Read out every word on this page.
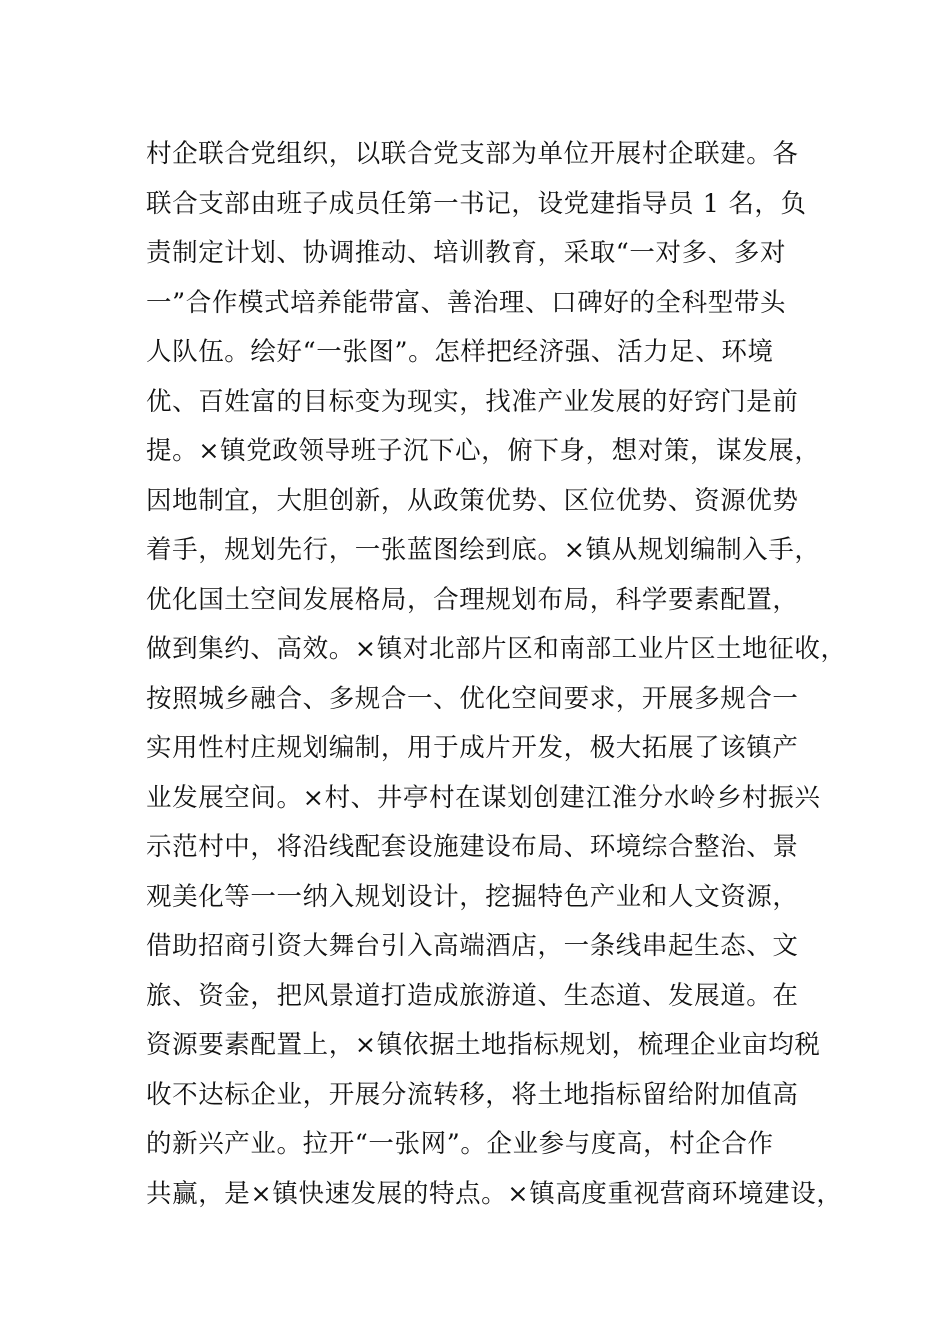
村企联合党组织，以联合党支部为单位开展村企联建。各
联合支部由班子成员任第一书记，设党建指导员 1 名，负
责制定计划、协调推动、培训教育，采取“一对多、多对
一”合作模式培养能带富、善治理、口碑好的全科型带头
人队伍。绘好“一张图”。怎样把经济强、活力足、环境
优、百姓富的目标变为现实，找准产业发展的好窍门是前
提。×镇党政领导班子沉下心，俯下身，想对策，谋发展，
因地制宜，大胆创新，从政策优势、区位优势、资源优势
着手，规划先行，一张蓝图绘到底。×镇从规划编制入手，
优化国土空间发展格局，合理规划布局，科学要素配置，
做到集约、高效。×镇对北部片区和南部工业片区土地征收，
按照城乡融合、多规合一、优化空间要求，开展多规合一
实用性村庄规划编制，用于成片开发，极大拓展了该镇产
业发展空间。×村、井亭村在谋划创建江淮分水岭乡村振兴
示范村中，将沿线配套设施建设布局、环境综合整治、景
观美化等一一纳入规划设计，挖掘特色产业和人文资源，
借助招商引资大舞台引入高端酒店，一条线串起生态、文
旅、资金，把风景道打造成旅游道、生态道、发展道。在
资源要素配置上，×镇依据土地指标规划，梳理企业亩均税
收不达标企业，开展分流转移，将土地指标留给附加值高
的新兴产业。拉开“一张网”。企业参与度高，村企合作
共赢，是×镇快速发展的特点。×镇高度重视营商环境建设，
